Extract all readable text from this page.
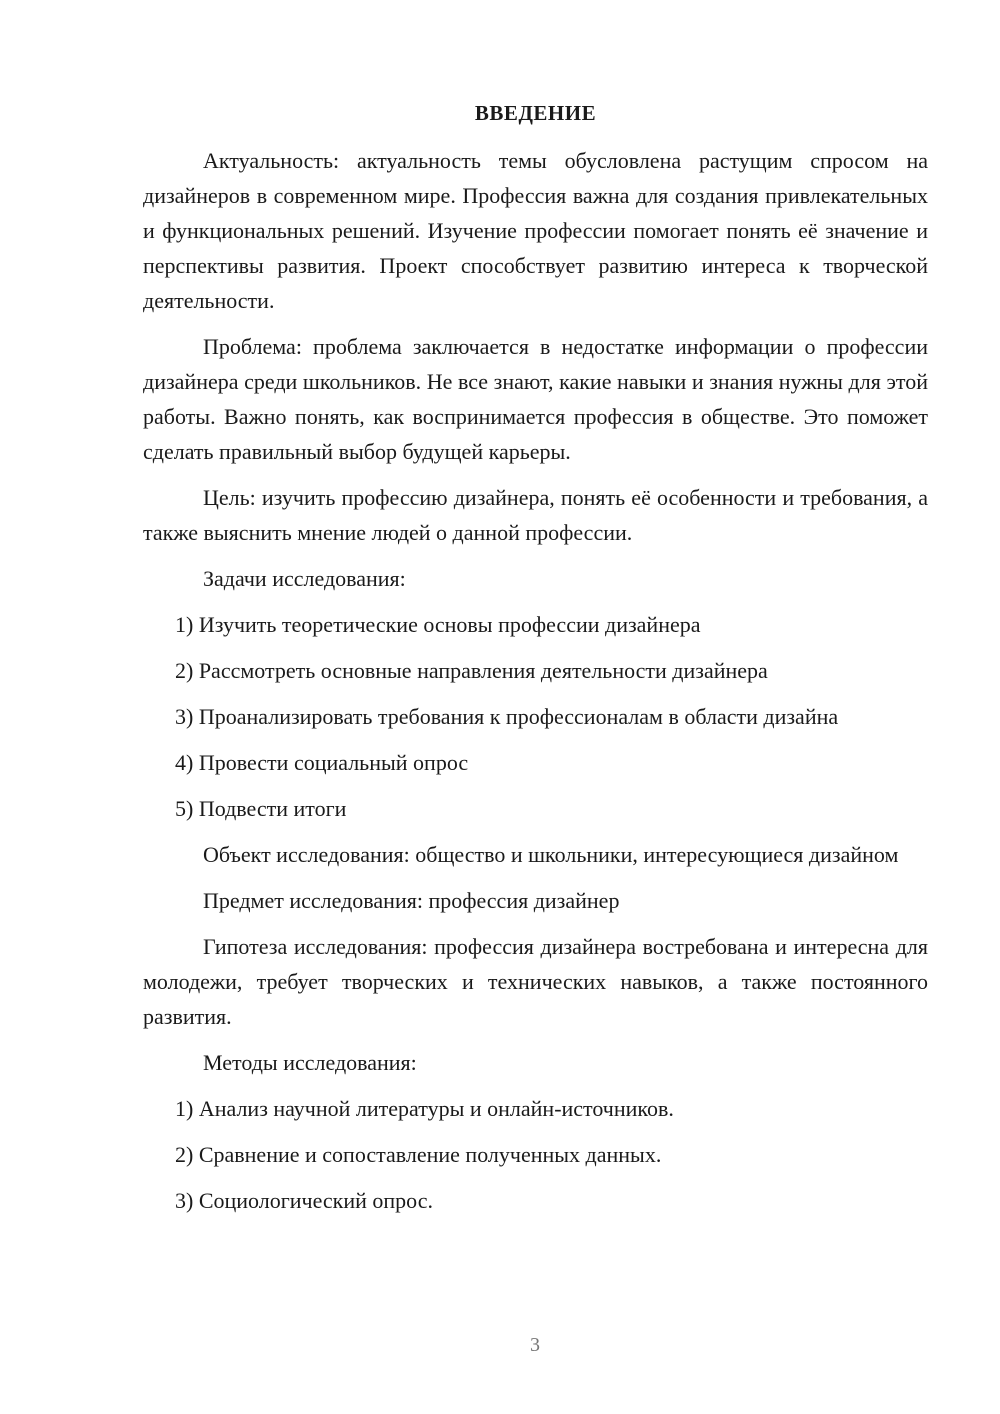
ВВЕДЕНИЕ

Актуальность: актуальность темы обусловлена растущим спросом на дизайнеров в современном мире. Профессия важна для создания привлекательных и функциональных решений. Изучение профессии помогает понять её значение и перспективы развития. Проект способствует развитию интереса к творческой деятельности.

Проблема: проблема заключается в недостатке информации о профессии дизайнера среди школьников. Не все знают, какие навыки и знания нужны для этой работы. Важно понять, как воспринимается профессия в обществе. Это поможет сделать правильный выбор будущей карьеры.

Цель: изучить профессию дизайнера, понять её особенности и требования, а также выяснить мнение людей о данной профессии.

Задачи исследования:

1) Изучить теоретические основы профессии дизайнера

2) Рассмотреть основные направления деятельности дизайнера

3) Проанализировать требования к профессионалам в области дизайна

4) Провести социальный опрос

5) Подвести итоги

Объект исследования: общество и школьники, интересующиеся дизайном

Предмет исследования: профессия дизайнер

Гипотеза исследования: профессия дизайнера востребована и интересна для молодежи, требует творческих и технических навыков, а также постоянного развития.

Методы исследования:

1) Анализ научной литературы и онлайн-источников.

2) Сравнение и сопоставление полученных данных.

3) Социологический опрос.

3
